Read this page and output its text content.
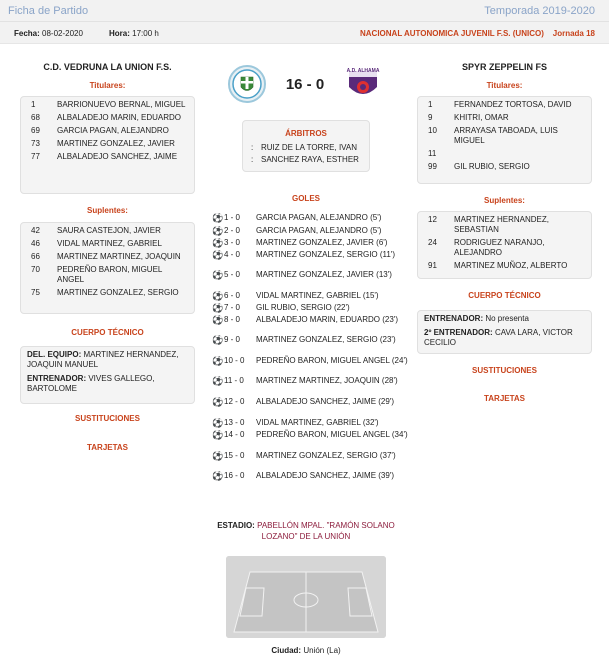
Ficha de Partido	Temporada 2019-2020
Fecha: 08-02-2020	Hora: 17:00 h	NACIONAL AUTONOMICA JUVENIL F.S. (UNICO) Jornada 18
C.D. VEDRUNA LA UNION F.S.
Titulares:
1	BARRIONUEVO BERNAL, MIGUEL
68	ALBALADEJO MARIN, EDUARDO
69	GARCIA PAGAN, ALEJANDRO
73	MARTINEZ GONZALEZ, JAVIER
77	ALBALADEJO SANCHEZ, JAIME
Suplentes:
42	SAURA CASTEJON, JAVIER
46	VIDAL MARTINEZ, GABRIEL
66	MARTINEZ MARTINEZ, JOAQUIN
70	PEDREÑO BARON, MIGUEL ANGEL
75	MARTINEZ GONZALEZ, SERGIO
CUERPO TÉCNICO
DEL. EQUIPO: MARTINEZ HERNANDEZ, JOAQUIN MANUEL
ENTRENADOR: VIVES GALLEGO, BARTOLOME
SUSTITUCIONES
TARJETAS
16 - 0
A.D. ALHAMA
ÁRBITROS
: RUIZ DE LA TORRE, IVAN
: SANCHEZ RAYA, ESTHER
GOLES
⚽ 1 - 0	GARCIA PAGAN, ALEJANDRO (5')
⚽ 2 - 0	GARCIA PAGAN, ALEJANDRO (5')
⚽ 3 - 0	MARTINEZ GONZALEZ, JAVIER (6')
⚽ 4 - 0	MARTINEZ GONZALEZ, SERGIO (11')
⚽ 5 - 0	MARTINEZ GONZALEZ, JAVIER (13')
⚽ 6 - 0	VIDAL MARTINEZ, GABRIEL (15')
⚽ 7 - 0	GIL RUBIO, SERGIO (22')
⚽ 8 - 0	ALBALADEJO MARIN, EDUARDO (23')
⚽ 9 - 0	MARTINEZ GONZALEZ, SERGIO (23')
⚽ 10 - 0	PEDREÑO BARON, MIGUEL ANGEL (24')
⚽ 11 - 0	MARTINEZ MARTINEZ, JOAQUIN (28')
⚽ 12 - 0	ALBALADEJO SANCHEZ, JAIME (29')
⚽ 13 - 0	VIDAL MARTINEZ, GABRIEL (32')
⚽ 14 - 0	PEDREÑO BARON, MIGUEL ANGEL (34')
⚽ 15 - 0	MARTINEZ GONZALEZ, SERGIO (37')
⚽ 16 - 0	ALBALADEJO SANCHEZ, JAIME (39')
ESTADIO: PABELLÓN MPAL. "RAMÓN SOLANO LOZANO" DE LA UNIÓN
Ciudad: Unión (La)
SPYR ZEPPELIN FS
Titulares:
1	FERNANDEZ TORTOSA, DAVID
9	KHITRI, OMAR
10	ARRAYASA TABOADA, LUIS MIGUEL
11
99	GIL RUBIO, SERGIO
Suplentes:
12	MARTINEZ HERNANDEZ, SEBASTIAN
24	RODRIGUEZ NARANJO, ALEJANDRO
91	MARTINEZ MUÑOZ, ALBERTO
CUERPO TÉCNICO
ENTRENADOR: No presenta
2º ENTRENADOR: CAVA LARA, VICTOR CECILIO
SUSTITUCIONES
TARJETAS
